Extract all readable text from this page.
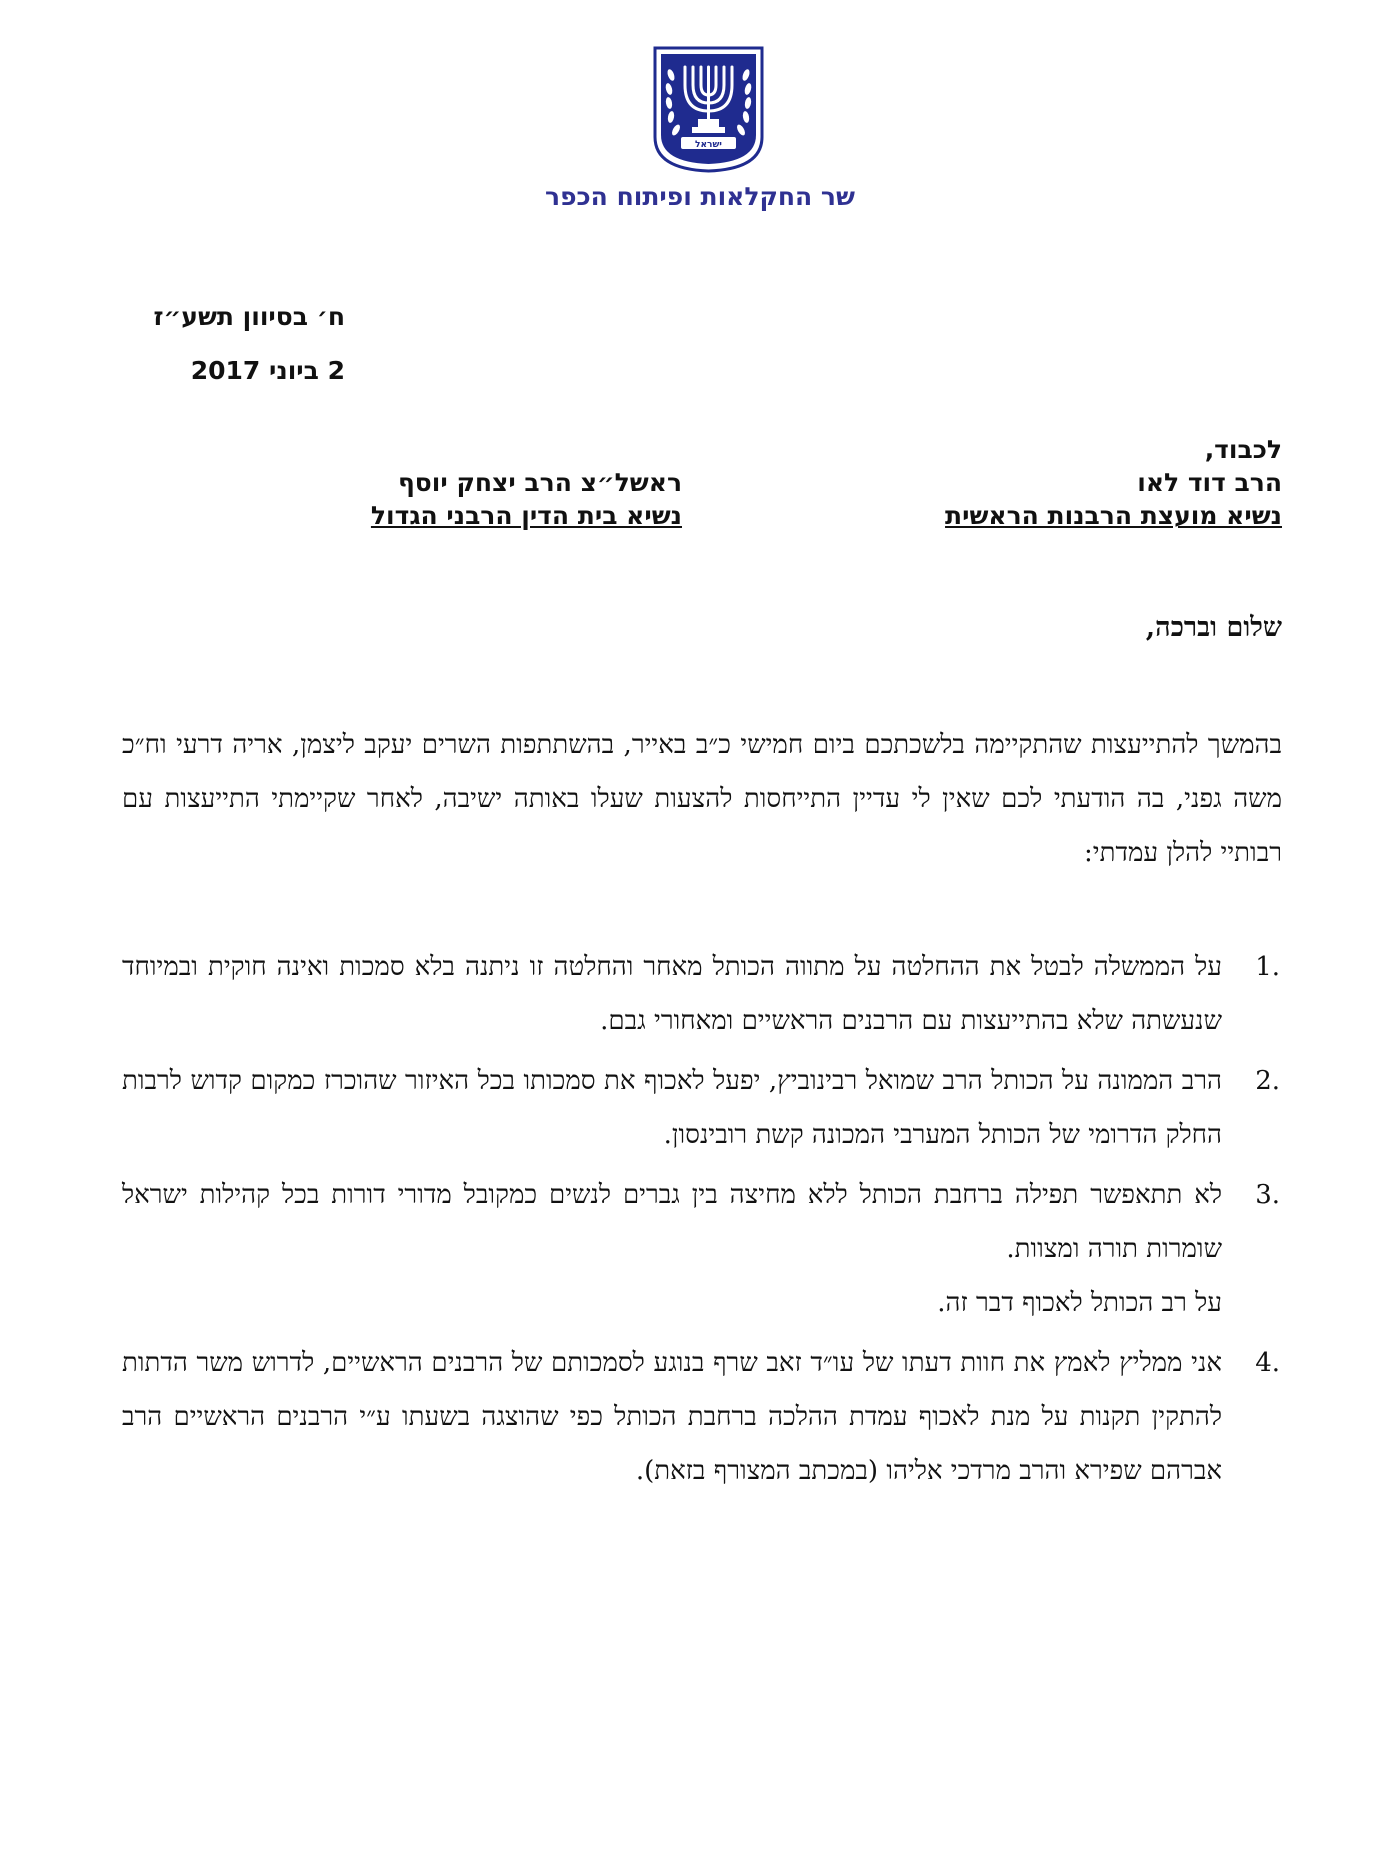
ישראל
שר החקלאות ופיתוח הכפר
ח׳ בסיוון תשע״ז
2 ביוני 2017
לכבוד,
הרב דוד לאו
נשיא מועצת הרבנות הראשית
ראשל״צ הרב יצחק יוסף
נשיא בית הדין הרבני הגדול
שלום וברכה,
בהמשך להתייעצות שהתקיימה בלשכתכם ביום חמישי כ״ב באייר, בהשתתפות השרים יעקב ליצמן, אריה דרעי וח״כ משה גפני, בה הודעתי לכם שאין לי עדיין התייחסות להצעות שעלו באותה ישיבה, לאחר שקיימתי התייעצות עם רבותיי להלן עמדתי:
1.
על הממשלה לבטל את ההחלטה על מתווה הכותל מאחר והחלטה זו ניתנה בלא סמכות ואינה חוקית ובמיוחד שנעשתה שלא בהתייעצות עם הרבנים הראשיים ומאחורי גבם.
2.
הרב הממונה על הכותל הרב שמואל רבינוביץ, יפעל לאכוף את סמכותו בכל האיזור שהוכרז כמקום קדוש לרבות החלק הדרומי של הכותל המערבי המכונה קשת רובינסון.
3.
לא תתאפשר תפילה ברחבת הכותל ללא מחיצה בין גברים לנשים כמקובל מדורי דורות בכל קהילות ישראל שומרות תורה ומצוות.
על רב הכותל לאכוף דבר זה.
4.
אני ממליץ לאמץ את חוות דעתו של עו״ד זאב שרף בנוגע לסמכותם של הרבנים הראשיים, לדרוש משר הדתות להתקין תקנות על מנת לאכוף עמדת ההלכה ברחבת הכותל כפי שהוצגה בשעתו ע״י הרבנים הראשיים הרב אברהם שפירא והרב מרדכי אליהו (במכתב המצורף בזאת).
